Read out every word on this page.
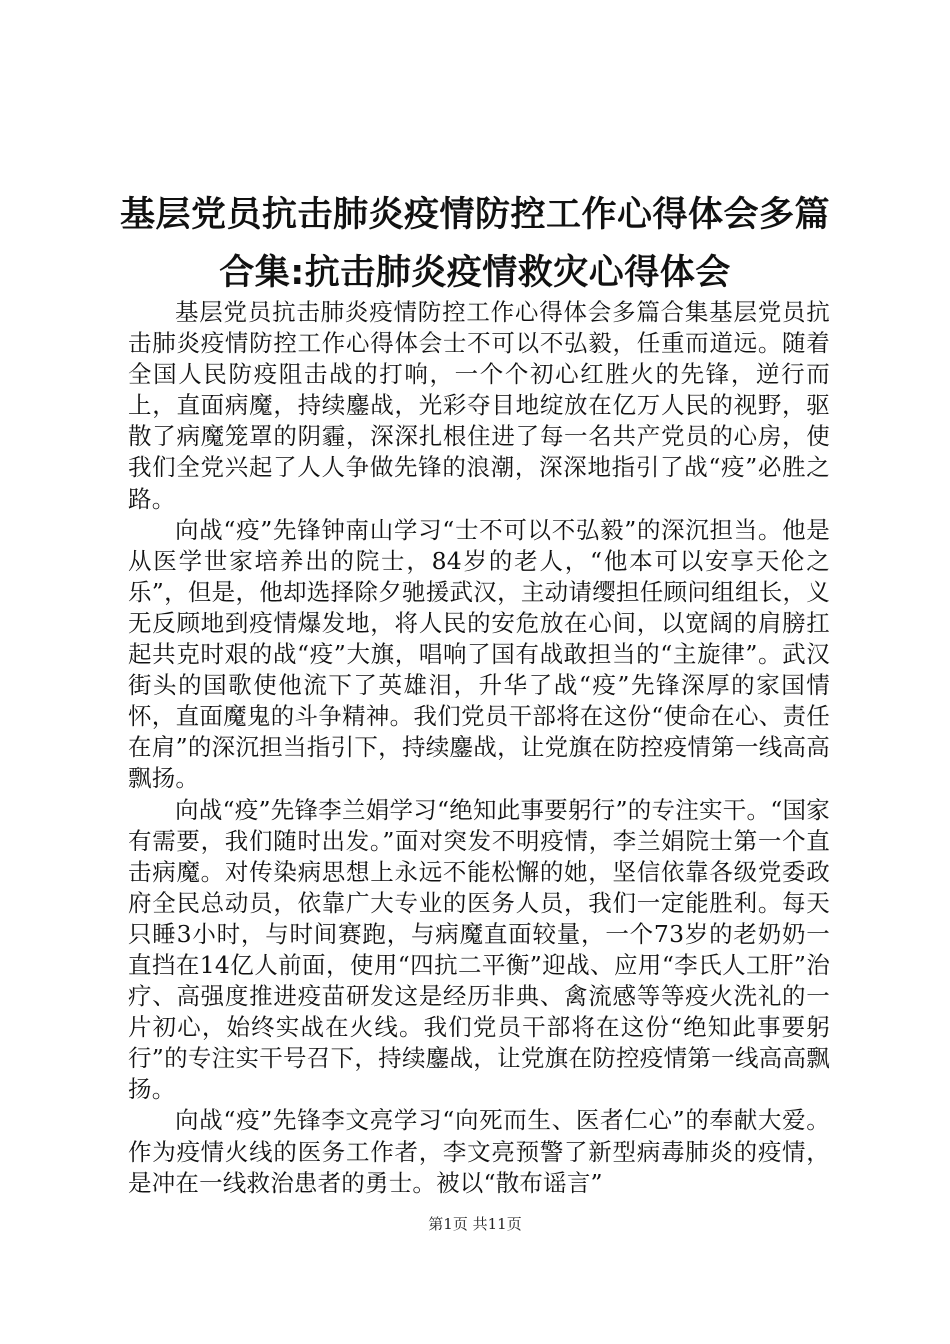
基层党员抗击肺炎疫情防控工作心得体会多篇
合集:抗击肺炎疫情救灾心得体会

基层党员抗击肺炎疫情防控工作心得体会多篇合集基层党员抗击肺炎疫情防控工作心得体会士不可以不弘毅，任重而道远。随着全国人民防疫阻击战的打响，一个个初心红胜火的先锋，逆行而上，直面病魔，持续鏖战，光彩夺目地绽放在亿万人民的视野，驱散了病魔笼罩的阴霾，深深扎根住进了每一名共产党员的心房，使我们全党兴起了人人争做先锋的浪潮，深深地指引了战“疫”必胜之路。

向战“疫”先锋钟南山学习“士不可以不弘毅”的深沉担当。他是从医学世家培养出的院士，84岁的老人，“他本可以安享天伦之乐”，但是，他却选择除夕驰援武汉，主动请缨担任顾问组组长，义无反顾地到疫情爆发地，将人民的安危放在心间，以宽阔的肩膀扛起共克时艰的战“疫”大旗，唱响了国有战敢担当的“主旋律”。武汉街头的国歌使他流下了英雄泪，升华了战“疫”先锋深厚的家国情怀，直面魔鬼的斗争精神。我们党员干部将在这份“使命在心、责任在肩”的深沉担当指引下，持续鏖战，让党旗在防控疫情第一线高高飘扬。

向战“疫”先锋李兰娟学习“绝知此事要躬行”的专注实干。“国家有需要，我们随时出发。”面对突发不明疫情，李兰娟院士第一个直击病魔。对传染病思想上永远不能松懈的她，坚信依靠各级党委政府全民总动员，依靠广大专业的医务人员，我们一定能胜利。每天只睡3小时，与时间赛跑，与病魔直面较量，一个73岁的老奶奶一直挡在14亿人前面，使用“四抗二平衡”迎战、应用“李氏人工肝”治疗、高强度推进疫苗研发这是经历非典、禽流感等等疫火洗礼的一片初心，始终实战在火线。我们党员干部将在这份“绝知此事要躬行”的专注实干号召下，持续鏖战，让党旗在防控疫情第一线高高飘扬。

向战“疫”先锋李文亮学习“向死而生、医者仁心”的奉献大爱。作为疫情火线的医务工作者，李文亮预警了新型病毒肺炎的疫情，是冲在一线救治患者的勇士。被以“散布谣言”

第1页 共11页
